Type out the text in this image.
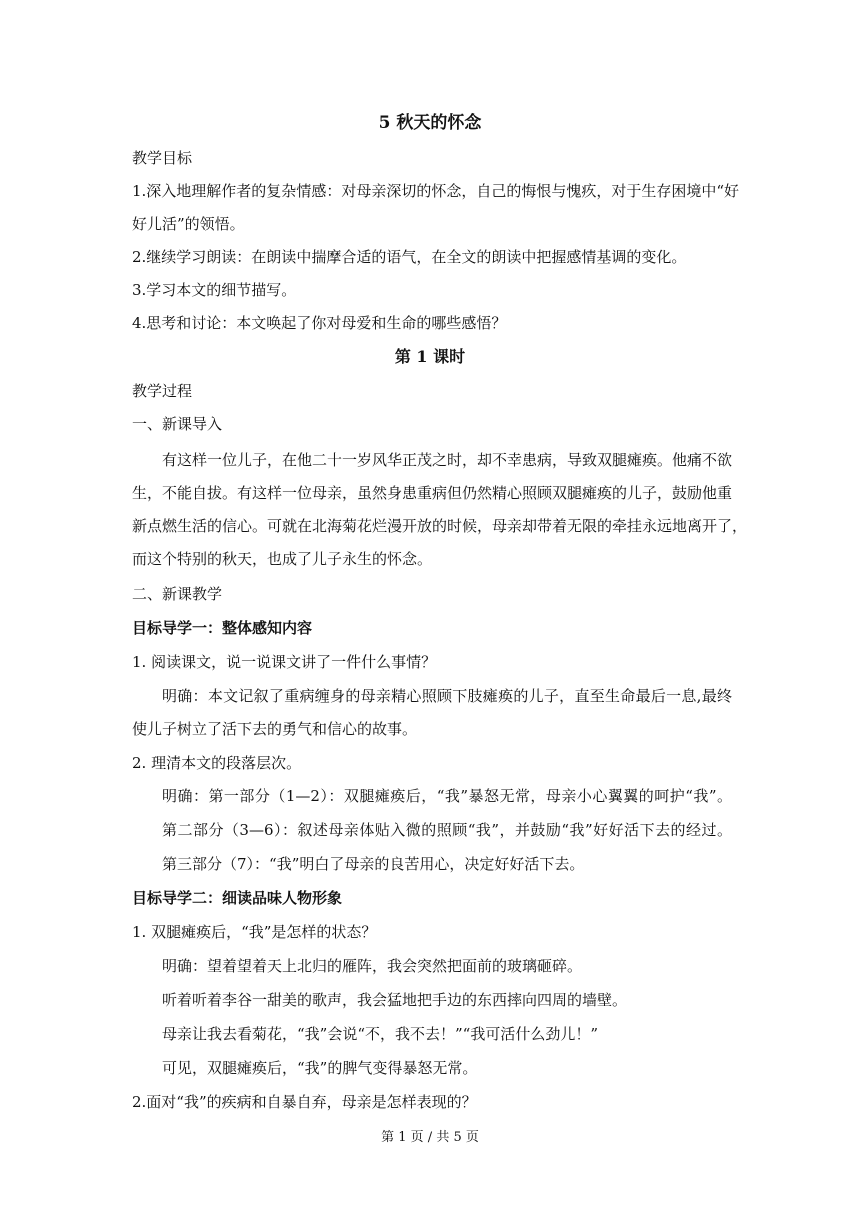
5 秋天的怀念
教学目标
1.深入地理解作者的复杂情感：对母亲深切的怀念，自己的悔恨与愧疚，对于生存困境中“好
好儿活”的领悟。
2.继续学习朗读：在朗读中揣摩合适的语气，在全文的朗读中把握感情基调的变化。
3.学习本文的细节描写。
4.思考和讨论：本文唤起了你对母爱和生命的哪些感悟？
第 1 课时
教学过程
一、新课导入
有这样一位儿子，在他二十一岁风华正茂之时，却不幸患病，导致双腿瘫痪。他痛不欲
生，不能自拔。有这样一位母亲，虽然身患重病但仍然精心照顾双腿瘫痪的儿子，鼓励他重
新点燃生活的信心。可就在北海菊花烂漫开放的时候，母亲却带着无限的牵挂永远地离开了，
而这个特别的秋天，也成了儿子永生的怀念。
二、新课教学
目标导学一：整体感知内容
1. 阅读课文，说一说课文讲了一件什么事情？
明确：本文记叙了重病缠身的母亲精心照顾下肢瘫痪的儿子，直至生命最后一息,最终
使儿子树立了活下去的勇气和信心的故事。
2. 理清本文的段落层次。
明确：第一部分（1—2）：双腿瘫痪后，“我”暴怒无常，母亲小心翼翼的呵护“我”。
第二部分（3—6）：叙述母亲体贴入微的照顾“我”，并鼓励“我”好好活下去的经过。
第三部分（7）：“我”明白了母亲的良苦用心，决定好好活下去。
目标导学二：细读品味人物形象
1. 双腿瘫痪后，“我”是怎样的状态？
明确：望着望着天上北归的雁阵，我会突然把面前的玻璃砸碎。
听着听着李谷一甜美的歌声，我会猛地把手边的东西摔向四周的墙壁。
母亲让我去看菊花，“我”会说“不，我不去！”“我可活什么劲儿！”
可见，双腿瘫痪后，“我”的脾气变得暴怒无常。
2.面对“我”的疾病和自暴自弃，母亲是怎样表现的？
第 1 页 / 共 5 页
